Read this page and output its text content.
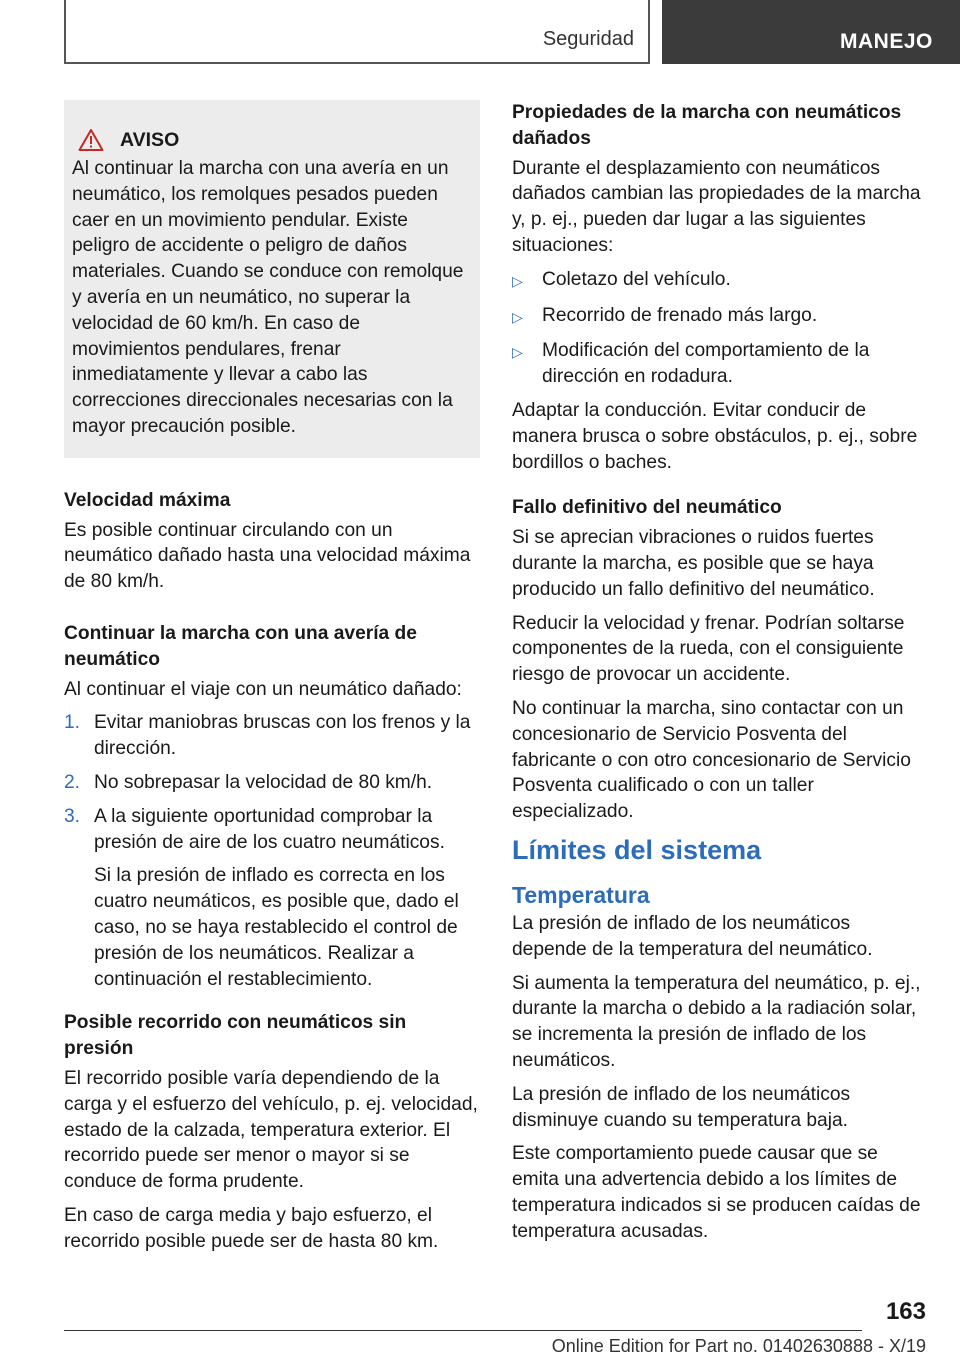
Seguridad	MANEJO
AVISO

Al continuar la marcha con una avería en un neumático, los remolques pesados pueden caer en un movimiento pendular. Existe peligro de accidente o peligro de daños materiales. Cuando se conduce con remolque y avería en un neumático, no superar la velocidad de 60 km/h. En caso de movimientos pendulares, frenar inmediatamente y llevar a cabo las correcciones direccionales necesarias con la mayor precaución posible.

Velocidad máxima

Es posible continuar circulando con un neumático dañado hasta una velocidad máxima de 80 km/h.

Continuar la marcha con una avería de neumático

Al continuar el viaje con un neumático dañado:

1. Evitar maniobras bruscas con los frenos y la dirección.

2. No sobrepasar la velocidad de 80 km/h.

3. A la siguiente oportunidad comprobar la presión de aire de los cuatro neumáticos.

Si la presión de inflado es correcta en los cuatro neumáticos, es posible que, dado el caso, no se haya restablecido el control de presión de los neumáticos. Realizar a continuación el restablecimiento.

Posible recorrido con neumáticos sin presión

El recorrido posible varía dependiendo de la carga y el esfuerzo del vehículo, p. ej. velocidad, estado de la calzada, temperatura exterior. El recorrido puede ser menor o mayor si se conduce de forma prudente.

En caso de carga media y bajo esfuerzo, el recorrido posible puede ser de hasta 80 km.

Propiedades de la marcha con neumáticos dañados

Durante el desplazamiento con neumáticos dañados cambian las propiedades de la marcha y, p. ej., pueden dar lugar a las siguientes situaciones:

▷	Coletazo del vehículo.
▷	Recorrido de frenado más largo.
▷	Modificación del comportamiento de la dirección en rodadura.

Adaptar la conducción. Evitar conducir de manera brusca o sobre obstáculos, p. ej., sobre bordillos o baches.

Fallo definitivo del neumático

Si se aprecian vibraciones o ruidos fuertes durante la marcha, es posible que se haya producido un fallo definitivo del neumático.

Reducir la velocidad y frenar. Podrían soltarse componentes de la rueda, con el consiguiente riesgo de provocar un accidente.

No continuar la marcha, sino contactar con un concesionario de Servicio Posventa del fabricante o con otro concesionario de Servicio Posventa cualificado o con un taller especializado.

Límites del sistema
Temperatura

La presión de inflado de los neumáticos depende de la temperatura del neumático.

Si aumenta la temperatura del neumático, p. ej., durante la marcha o debido a la radiación solar, se incrementa la presión de inflado de los neumáticos.

La presión de inflado de los neumáticos disminuye cuando su temperatura baja.

Este comportamiento puede causar que se emita una advertencia debido a los límites de temperatura indicados si se producen caídas de temperatura acusadas.

163
Online Edition for Part no. 01402630888 - X/19
